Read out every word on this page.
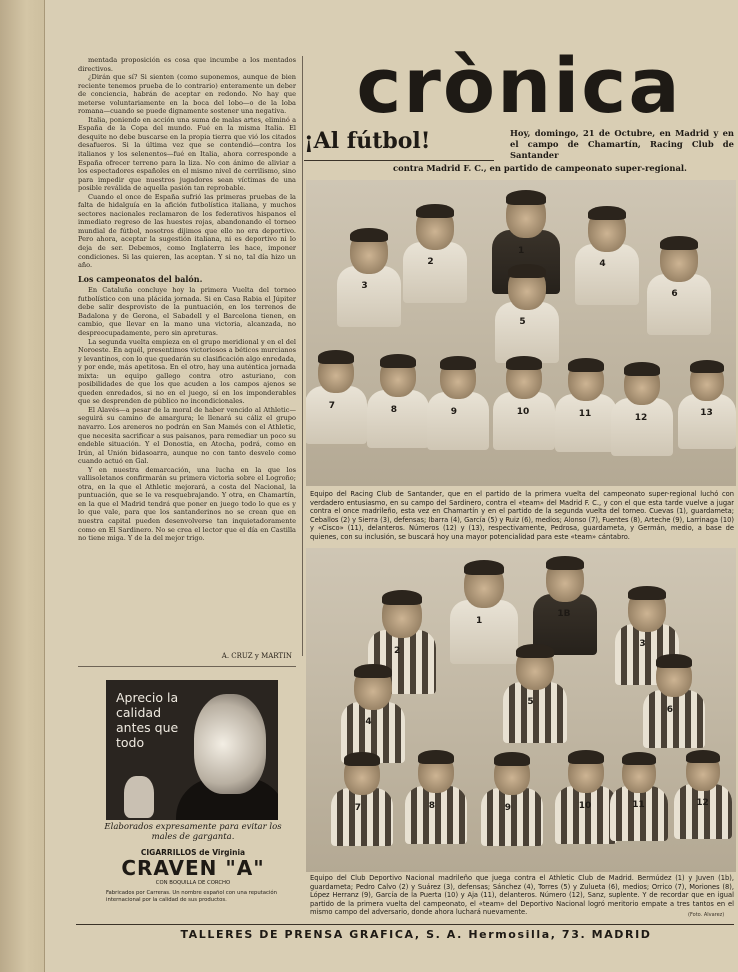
mentada proposición es cosa que incumbe a los mentados directivos.

¿Dirán que sí? Si sienten (como suponemos, aunque de bien reciente tenemos prueba de lo contrario) enteramente un deber de conciencia, habrán de aceptar en redondo. No hay que meterse voluntariamente en la boca del lobo—o de la loba romana—cuando se puede dignamente sostener una negativa.

Italia, poniendo en acción una suma de malas artes, eliminó a España de la Copa del mundo. Fué en la misma Italia. El desquite no debe buscarse en la propia tierra que vió los citados desafueros. Si la última vez que se contendió—contra los italianos y los selenentos—fué en Italia, ahora corresponde a España ofrecer terreno para la liza. No con ánimo de aliviar a los espectadores españoles en el mismo nivel de cerrilismo, sino para impedir que nuestros jugadores sean víctimas de una posible reválida de aquella pasión tan reprobable.

Cuando el once de España sufrió las primeras pruebas de la falta de hidalguía en la afición futbolística italiana, y muchos sectores nacionales reclamaron de los federativos hispanos el inmediato regreso de las huestes rojas, abandonando el torneo mundial de fútbol, nosotros dijimos que ello no era deportivo. Pero ahora, aceptar la sugestión italiana, ni es deportivo ni lo deja de ser. Debemos, como Inglaterra les hace, imponer condiciones. Si las quieren, las aceptan. Y si no, tal día hizo un año.

Los campeonatos del balón.

En Cataluña concluye hoy la primera Vuelta del torneo futbolístico con una plácida jornada. Si en Casa Rabia el Júpiter debe salir desprovisto de la puntuación, en los terrenos de Badalona y de Gerona, el Sabadell y el Barcelona tienen, en cambio, que llevar en la mano una victoria, alcanzada, no despreocupadamente, pero sin apreturas.

La segunda vuelta empieza en el grupo meridional y en el del Noroeste. En aquél, presentimos victoriosos a béticos murcianos y levantinos, con lo que quedarán su clasificación algo enredada, y por ende, más apetitosa. En el otro, hay una auténtica jornada mixta: un equipo gallego contra otro asturiano, con posibilidades de que los que acuden a los campos ajenos se queden enredados, si no en el juego, sí en los imponderables que se desprenden de público no incondicionales.

El Alavés—a pesar de la moral de haber vencido al Athletic—seguirá su camino de amargura; le llenará su cáliz el grupo navarro. Los areneros no podrán en San Mamés con el Athletic, que necesita sacrificar a sus paisanos, para remediar un poco su endeble situación. Y el Donostia, en Atocha, podrá, como en Irún, al Unión bidasoarra, aunque no con tanto desvelo como cuando actuó en Gal.

Y en nuestra demarcación, una lucha en la que los vallisoletanos confirmarán su primera victoria sobre el Logroño; otra, en la que el Athletic mejorará, a costa del Nacional, la puntuación, que se le va resquebrajando. Y otra, en Chamartín, en la que el Madrid tendrá que poner en juego todo lo que es y lo que vale, para que los santanderinos no se crean que en nuestra capital pueden desenvolverse tan inquietadoramente como en El Sardinero. No se crea el lector que el día en Castilla no tiene miga. Y de la del mejor trigo.

A. CRUZ y MARTIN
crònica
¡Al fútbol!	Hoy, domingo, 21 de Octubre, en Madrid y en el campo de Chamartín, Racing Club de Santander
contra Madrid F. C., en partido de campeonato super-regional.
1
2
3
4
5
6
7	8	9	10	11	12	13
Equipo del Racing Club de Santander, que en el partido de la primera vuelta del campeonato super-regional luchó con verdadero entusiasmo, en su campo del Sardinero, contra el «team» del Madrid F. C., y con el que esta tarde vuelve a jugar contra el once madrileño, esta vez en Chamartín y en el partido de la segunda vuelta del torneo. Cuevas (1), guardameta; Ceballos (2) y Sierra (3), defensas; Ibarra (4), García (5) y Ruiz (6), medios; Alonso (7), Fuentes (8), Arteche (9), Larrinaga (10) y «Cisco» (11), delanteros. Números (12) y (13), respectivamente, Pedrosa, guardameta, y Germán, medio, a base de quienes, con su inclusión, se buscará hoy una mayor potencialidad para este «team» cántabro.
1
1B
2
3
4
5
6
7	8	9	10	11	12
Equipo del Club Deportivo Nacional madrileño que juega contra el Athletic Club de Madrid. Bermúdez (1) y Juven (1b), guardameta; Pedro Calvo (2) y Suárez (3), defensas; Sánchez (4), Torres (5) y Zulueta (6), medios; Orrico (7), Moriones (8), López Herranz (9), García de la Puerta (10) y Aja (11), delanteros. Número (12), Sanz, suplente. Y de recordar que en igual partido de la primera vuelta del campeonato, el «team» del Deportivo Nacional logró meritorio empate a tres tantos en el mismo campo del adversario, donde ahora luchará nuevamente.	(Foto. Alvarez)
Aprecio la calidad antes que todo
Elaborados expresamente para evitar los males de garganta.
CIGARRILLOS de Virginia
CRAVEN "A"
CON BOQUILLA DE CORCHO
Fabricados por Carreras. Un nombre español con una reputación internacional por la calidad de sus productos.
TALLERES DE PRENSA GRAFICA, S. A. Hermosilla, 73. MADRID
